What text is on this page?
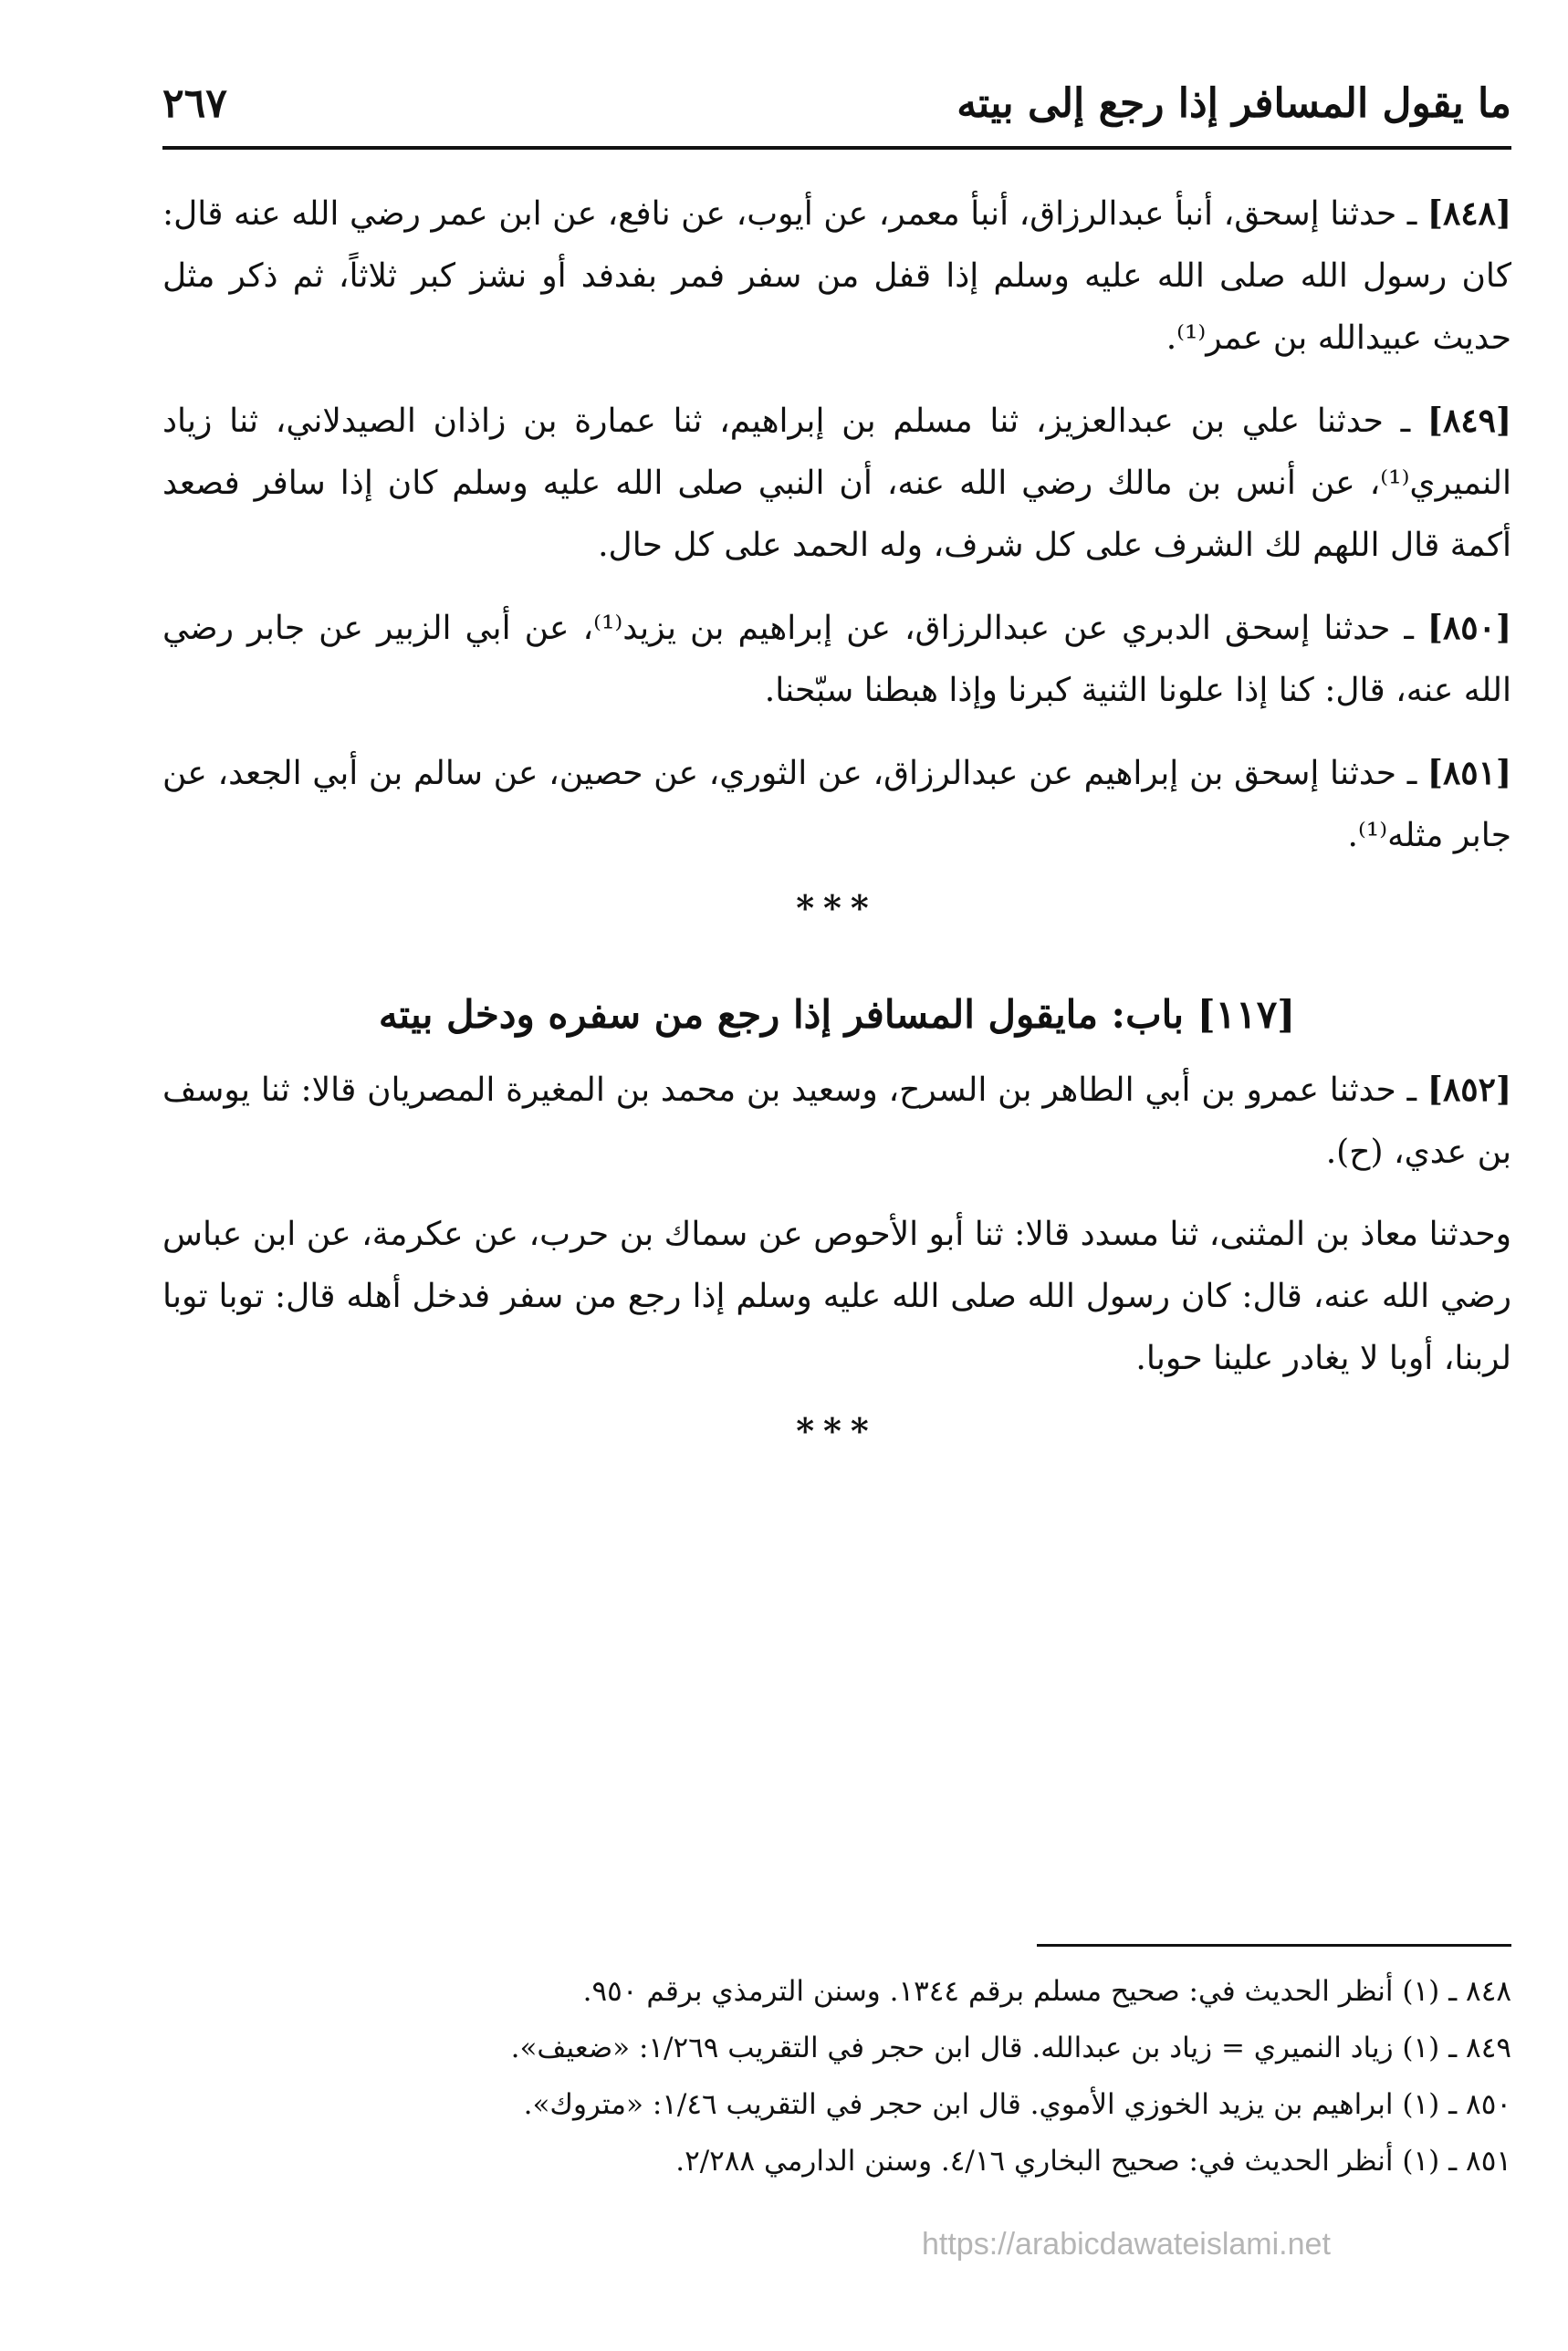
ما يقول المسافر إذا رجع إلى بيته
٢٦٧

[٨٤٨] ـ حدثنا إسحق، أنبأ عبدالرزاق، أنبأ معمر، عن أيوب، عن نافع، عن ابن عمر رضي الله عنه قال: كان رسول الله صلى الله عليه وسلم إذا قفل من سفر فمر بفدفد أو نشز كبر ثلاثاً، ثم ذكر مثل حديث عبيدالله بن عمر⁽¹⁾.

[٨٤٩] ـ حدثنا علي بن عبدالعزيز، ثنا مسلم بن إبراهيم، ثنا عمارة بن زاذان الصيدلاني، ثنا زياد النميري⁽¹⁾، عن أنس بن مالك رضي الله عنه، أن النبي صلى الله عليه وسلم كان إذا سافر فصعد أكمة قال اللهم لك الشرف على كل شرف، وله الحمد على كل حال.

[٨٥٠] ـ حدثنا إسحق الدبري عن عبدالرزاق، عن إبراهيم بن يزيد⁽¹⁾، عن أبي الزبير عن جابر رضي الله عنه، قال: كنا إذا علونا الثنية كبرنا وإذا هبطنا سبّحنا.

[٨٥١] ـ حدثنا إسحق بن إبراهيم عن عبدالرزاق، عن الثوري، عن حصين، عن سالم بن أبي الجعد، عن جابر مثله⁽¹⁾.

***
[١١٧] باب: مايقول المسافر إذا رجع من سفره ودخل بيته

[٨٥٢] ـ حدثنا عمرو بن أبي الطاهر بن السرح، وسعيد بن محمد بن المغيرة المصريان قالا: ثنا يوسف بن عدي، (ح).

وحدثنا معاذ بن المثنى، ثنا مسدد قالا: ثنا أبو الأحوص عن سماك بن حرب، عن عكرمة، عن ابن عباس رضي الله عنه، قال: كان رسول الله صلى الله عليه وسلم إذا رجع من سفر فدخل أهله قال: توبا توبا لربنا، أوبا لا يغادر علينا حوبا.

***
٨٤٨ ـ (١) أنظر الحديث في: صحيح مسلم برقم ١٣٤٤. وسنن الترمذي برقم ٩٥٠.
٨٤٩ ـ (١) زياد النميري = زياد بن عبدالله. قال ابن حجر في التقريب ١/٢٦٩: «ضعيف».
٨٥٠ ـ (١) ابراهيم بن يزيد الخوزي الأموي. قال ابن حجر في التقريب ١/٤٦: «متروك».
٨٥١ ـ (١) أنظر الحديث في: صحيح البخاري ٤/١٦. وسنن الدارمي ٢/٢٨٨.
https://arabicdawateislami.net
